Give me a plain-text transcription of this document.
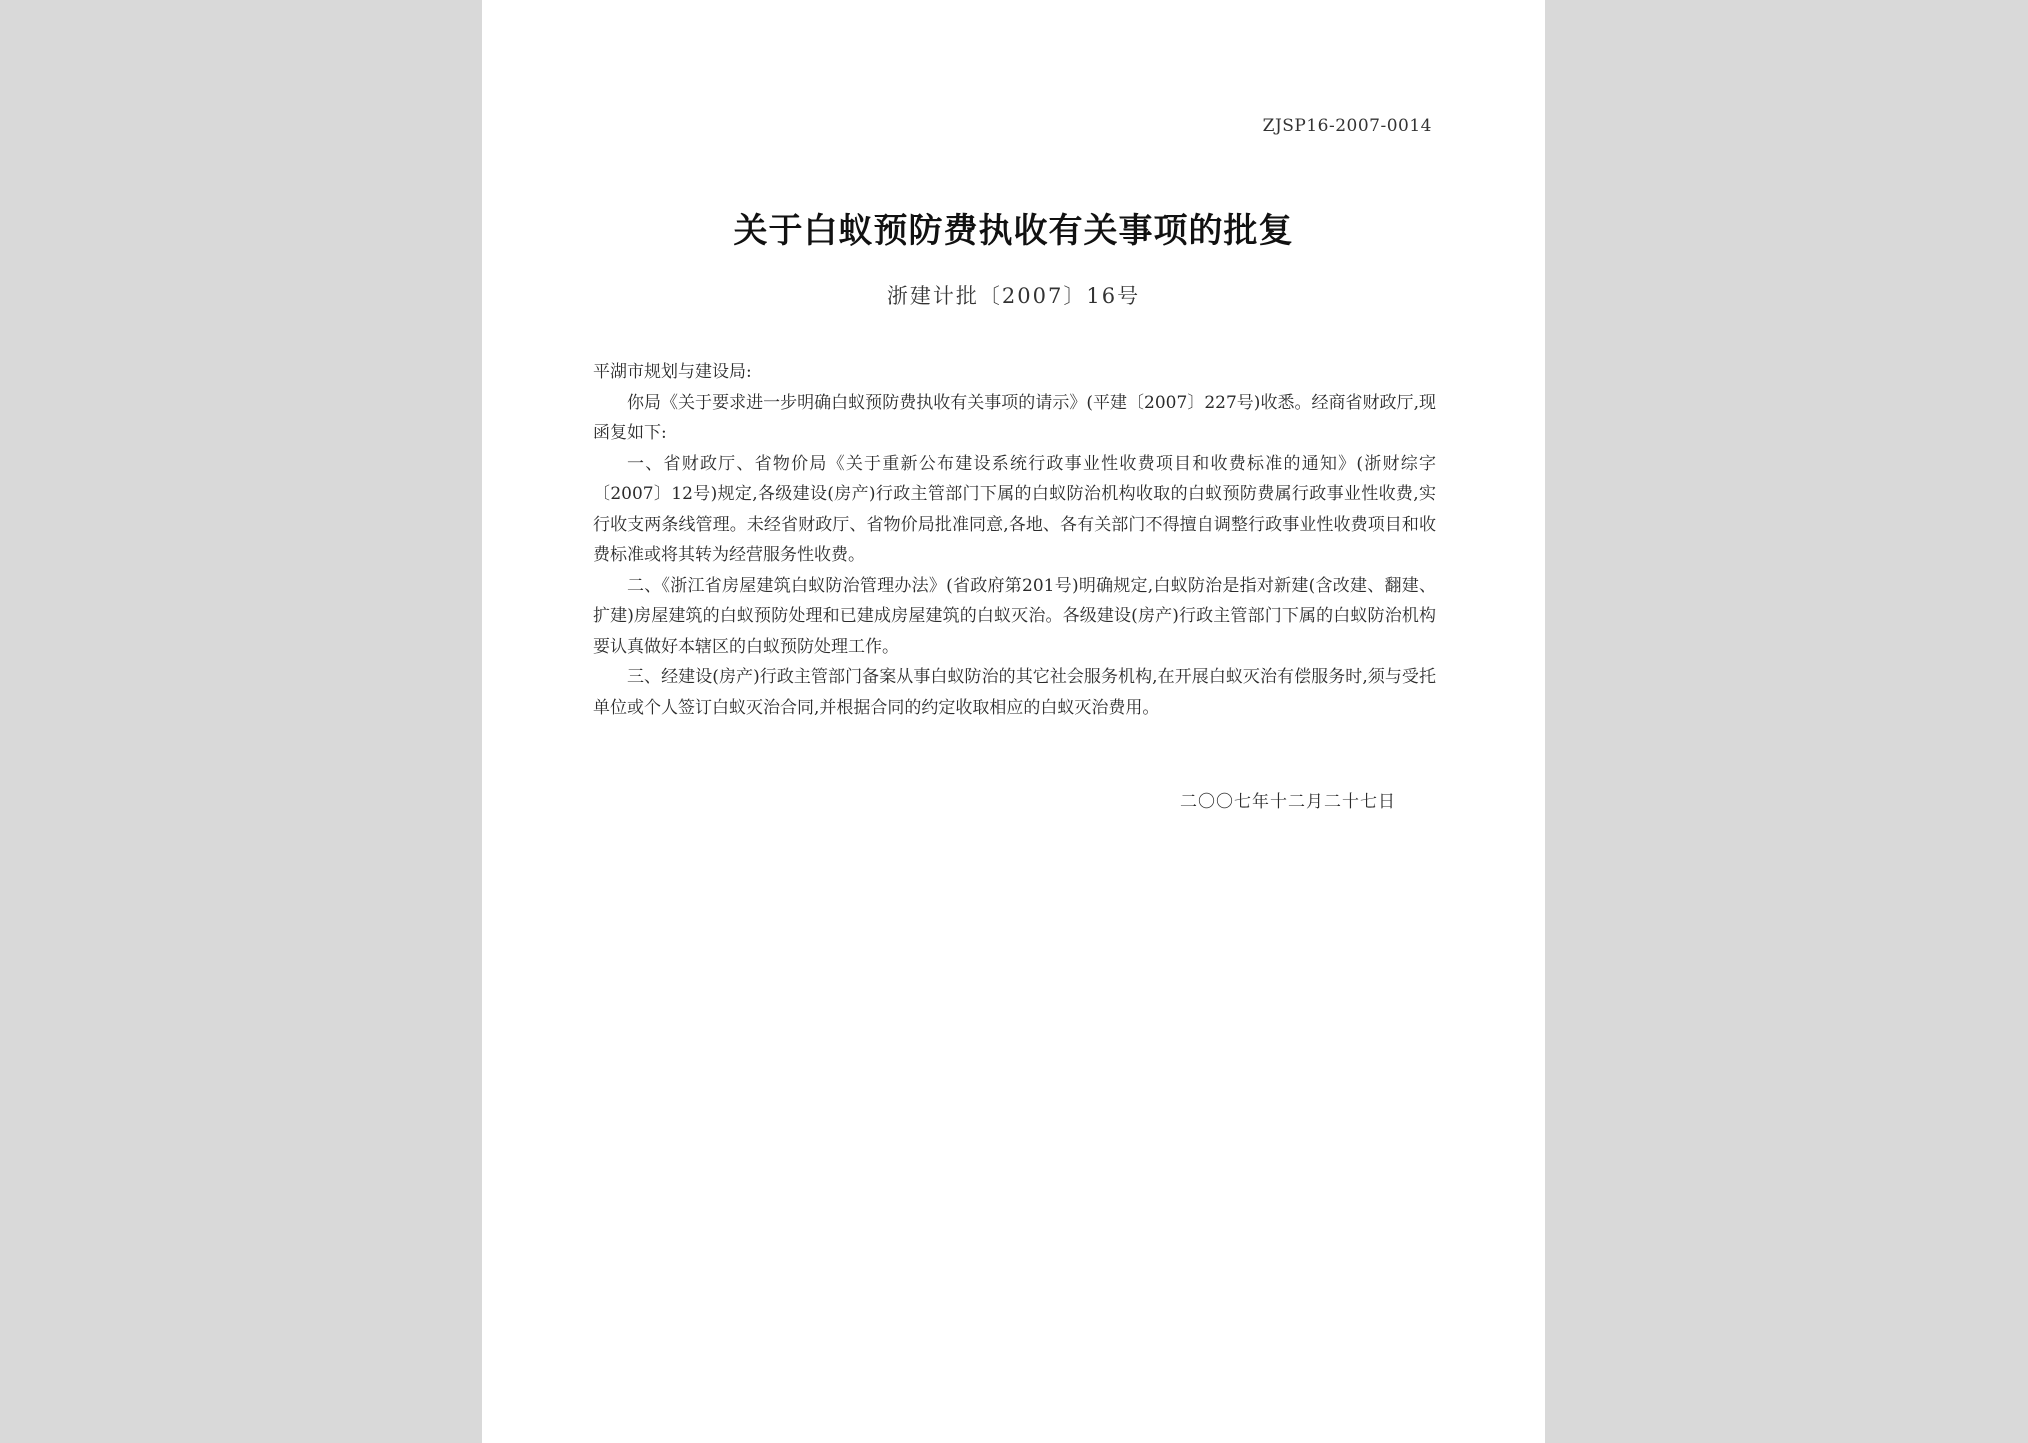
ZJSP16-2007-0014
关于白蚁预防费执收有关事项的批复
浙建计批〔2007〕16号

平湖市规划与建设局:

你局《关于要求进一步明确白蚁预防费执收有关事项的请示》(平建〔2007〕227号)收悉。经商省财政厅,现函复如下:

一、省财政厅、省物价局《关于重新公布建设系统行政事业性收费项目和收费标准的通知》(浙财综字〔2007〕12号)规定,各级建设(房产)行政主管部门下属的白蚁防治机构收取的白蚁预防费属行政事业性收费,实行收支两条线管理。未经省财政厅、省物价局批准同意,各地、各有关部门不得擅自调整行政事业性收费项目和收费标准或将其转为经营服务性收费。

二、《浙江省房屋建筑白蚁防治管理办法》(省政府第201号)明确规定,白蚁防治是指对新建(含改建、翻建、扩建)房屋建筑的白蚁预防处理和已建成房屋建筑的白蚁灭治。各级建设(房产)行政主管部门下属的白蚁防治机构要认真做好本辖区的白蚁预防处理工作。

三、经建设(房产)行政主管部门备案从事白蚁防治的其它社会服务机构,在开展白蚁灭治有偿服务时,须与受托单位或个人签订白蚁灭治合同,并根据合同的约定收取相应的白蚁灭治费用。

二〇〇七年十二月二十七日
